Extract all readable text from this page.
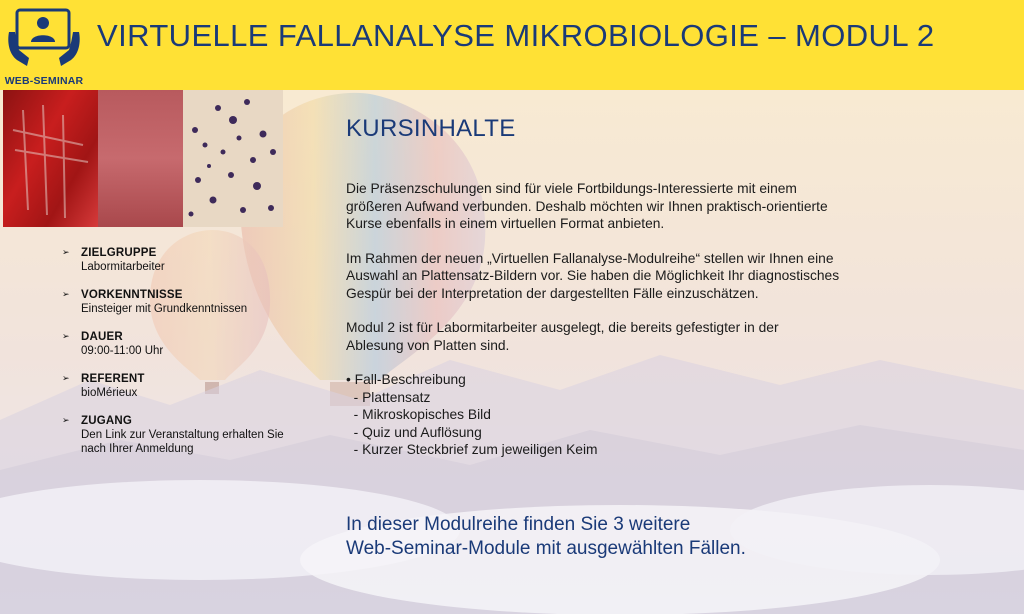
WEB-SEMINAR
VIRTUELLE FALLANALYSE MIKROBIOLOGIE – MODUL 2
➢ ZIELGRUPPE
Labormitarbeiter
➢ VORKENNTNISSE
Einsteiger mit Grundkenntnissen
➢ DAUER
09:00-11:00 Uhr
➢ REFERENT
bioMérieux
➢ ZUGANG
Den Link zur Veranstaltung erhalten Sie
nach Ihrer Anmeldung
KURSINHALTE
Die Präsenzschulungen sind für viele Fortbildungs-Interessierte mit einem
größeren Aufwand verbunden. Deshalb möchten wir Ihnen praktisch-orientierte
Kurse ebenfalls in einem virtuellen Format anbieten.
Im Rahmen der neuen „Virtuellen Fallanalyse-Modulreihe“ stellen wir Ihnen eine
Auswahl an Plattensatz-Bildern vor. Sie haben die Möglichkeit Ihr diagnostisches
Gespür bei der Interpretation der dargestellten Fälle einzuschätzen.
Modul 2 ist für Labormitarbeiter ausgelegt, die bereits gefestigter in der
Ablesung von Platten sind.
• Fall-Beschreibung
- Plattensatz
- Mikroskopisches Bild
- Quiz und Auflösung
- Kurzer Steckbrief zum jeweiligen Keim
In dieser Modulreihe finden Sie 3 weitere
Web-Seminar-Module mit ausgewählten Fällen.
